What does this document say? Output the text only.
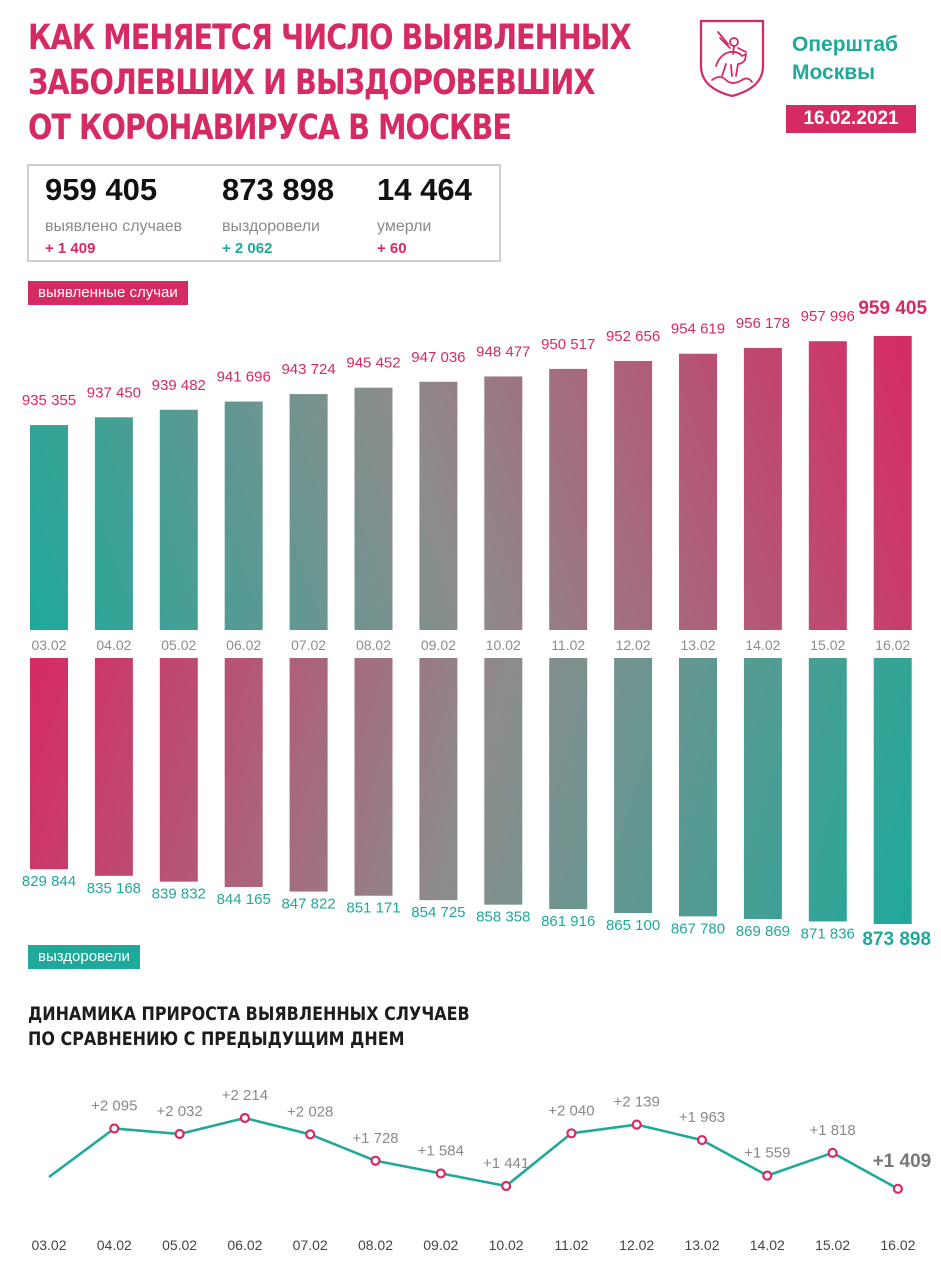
КАК МЕНЯЕТСЯ ЧИСЛО ВЫЯВЛЕННЫХ
ЗАБОЛЕВШИХ И ВЫЗДОРОВЕВШИХ
ОТ КОРОНАВИРУСА В МОСКВЕ
Оперштаб
Москвы
16.02.2021
959 405
выявлено случаев
+ 1 409
873 898
выздоровели
+ 2 062
14 464
умерли
+ 60
выявленные случаи
935 355
03.02
937 450
04.02
939 482
05.02
941 696
06.02
943 724
07.02
945 452
08.02
947 036
09.02
948 477
10.02
950 517
11.02
952 656
12.02
954 619
13.02
956 178
14.02
957 996
15.02
959 405
16.02
829 844 835 168 839 832 844 165 847 822 851 171 854 725 858 358 861 916 865 100 867 780 869 869 871 836 873 898
выздоровели
ДИНАМИКА ПРИРОСТА ВЫЯВЛЕННЫХ СЛУЧАЕВ
ПО СРАВНЕНИЮ С ПРЕДЫДУЩИМ ДНЕМ
03.02
+2 095
04.02
+2 032
05.02
+2 214
06.02
+2 028
07.02
+1 728
08.02
+1 584
09.02
+1 441
10.02
+2 040
11.02
+2 139
12.02
+1 963
13.02
+1 559
14.02
+1 818
15.02
+1 409
16.02
